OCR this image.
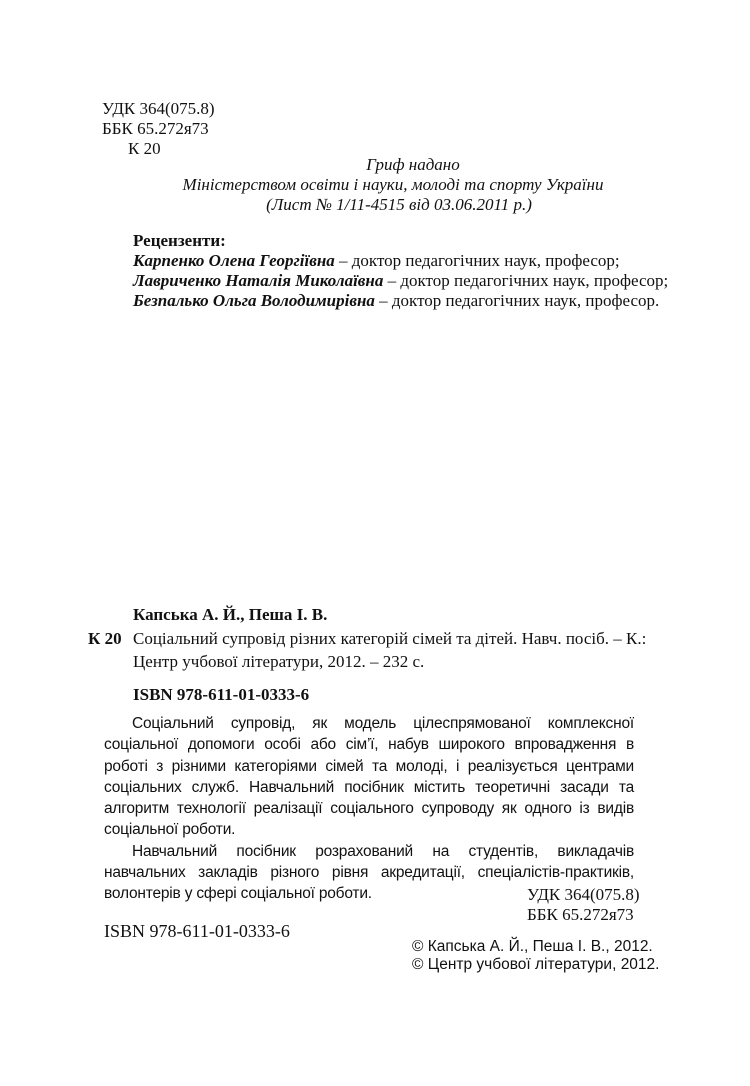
УДК 364(075.8)
ББК 65.272я73
К 20
Гриф надано
Міністерством освіти і науки, молоді та спорту України
(Лист № 1/11-4515 від 03.06.2011 р.)
Рецензенти:
Карпенко Олена Георгіївна – доктор педагогічних наук, професор;
Лавриченко Наталія Миколаївна – доктор педагогічних наук, професор;
Безпалько Ольга Володимирівна – доктор педагогічних наук, професор.
Капська А. Й., Пеша І. В.
К 20 Соціальний супровід різних категорій сімей та дітей. Навч. посіб. – К.:
Центр учбової літератури, 2012. – 232 с.
ISBN 978-611-01-0333-6

Соціальний супровід, як модель цілеспрямованої комплексної соціальної допомоги особі або сім’ї, набув широкого впровадження в роботі з різними категоріями сімей та молоді, і реалізується центрами соціальних служб. Навчальний посібник містить теоретичні засади та алгоритм технології реалізації соціального супроводу як одного із видів соціальної роботи.

Навчальний посібник розрахований на студентів, викладачів навчальних закладів різного рівня акредитації, спеціалістів-практиків, волонтерів у сфері соціальної роботи.	УДК 364(075.8)
ББК 65.272я73
ISBN 978-611-01-0333-6
© Капська А. Й., Пеша І. В., 2012.
© Центр учбової літератури, 2012.
